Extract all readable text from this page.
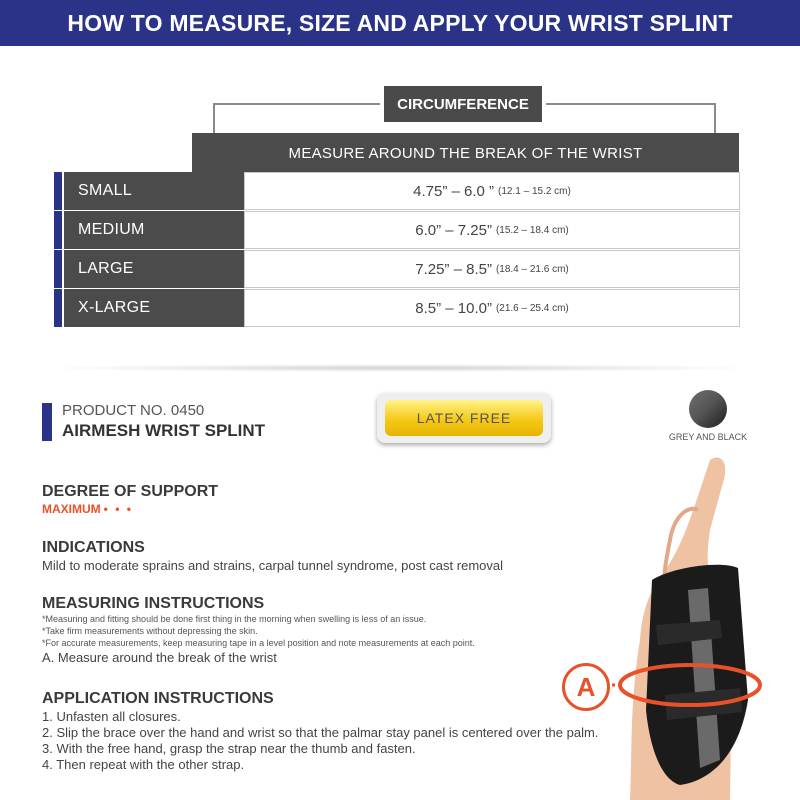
HOW TO MEASURE, SIZE AND APPLY YOUR WRIST SPLINT
CIRCUMFERENCE
MEASURE AROUND THE BREAK OF THE WRIST
SMALL	4.75” – 6.0 ” (12.1 – 15.2 cm)
MEDIUM	6.0” – 7.25” (15.2 – 18.4 cm)
LARGE	7.25” – 8.5” (18.4 – 21.6 cm)
X-LARGE	8.5” – 10.0” (21.6 – 25.4 cm)
PRODUCT NO. 0450
AIRMESH WRIST SPLINT
LATEX FREE
GREY AND BLACK
DEGREE OF SUPPORT
MAXIMUM • • •
INDICATIONS
Mild to moderate sprains and strains, carpal tunnel syndrome, post cast removal
MEASURING INSTRUCTIONS
*Measuring and fitting should be done first thing in the morning when swelling is less of an issue.
*Take firm measurements without depressing the skin.
*For accurate measurements, keep measuring tape in a level position and note measurements at each point.
A. Measure around the break of the wrist
APPLICATION INSTRUCTIONS
1. Unfasten all closures.
2. Slip the brace over the hand and wrist so that the palmar stay panel is centered over the palm.
3. With the free hand, grasp the strap near the thumb and fasten.
4. Then repeat with the other strap.
A
